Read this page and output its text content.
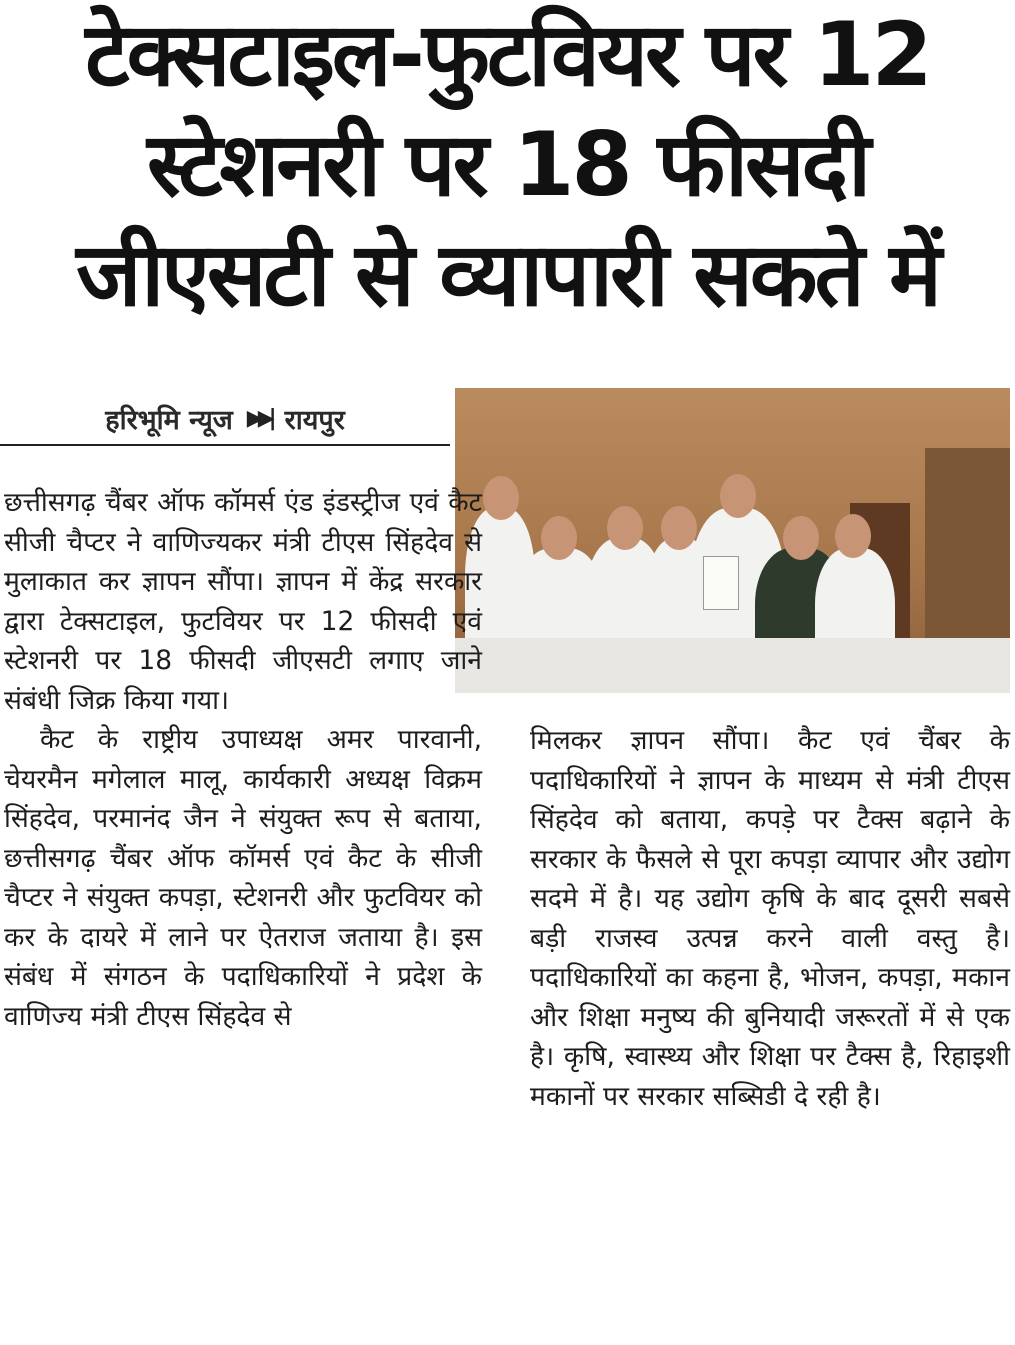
टेक्सटाइल-फुटवियर पर 12
स्टेशनरी पर 18 फीसदी
जीएसटी से व्यापारी सकते में
हरिभूमि न्यूज ▶▶| रायपुर

छत्तीसगढ़ चैंबर ऑफ कॉमर्स एंड इंडस्ट्रीज एवं कैट सीजी चैप्टर ने वाणिज्यकर मंत्री टीएस सिंहदेव से मुलाकात कर ज्ञापन सौंपा। ज्ञापन में केंद्र सरकार द्वारा टेक्सटाइल, फुटवियर पर 12 फीसदी एवं स्टेशनरी पर 18 फीसदी जीएसटी लगाए जाने संबंधी जिक्र किया गया।

कैट के राष्ट्रीय उपाध्यक्ष अमर पारवानी, चेयरमैन मगेलाल मालू, कार्यकारी अध्यक्ष विक्रम सिंहदेव, परमानंद जैन ने संयुक्त रूप से बताया, छत्तीसगढ़ चैंबर ऑफ कॉमर्स एवं कैट के सीजी चैप्टर ने संयुक्त कपड़ा, स्टेशनरी और फुटवियर को कर के दायरे में लाने पर ऐतराज जताया है। इस संबंध में संगठन के पदाधिकारियों ने प्रदेश के वाणिज्य मंत्री टीएस सिंहदेव से

मिलकर ज्ञापन सौंपा। कैट एवं चैंबर के पदाधिकारियों ने ज्ञापन के माध्यम से मंत्री टीएस सिंहदेव को बताया, कपड़े पर टैक्स बढ़ाने के सरकार के फैसले से पूरा कपड़ा व्यापार और उद्योग सदमे में है। यह उद्योग कृषि के बाद दूसरी सबसे बड़ी राजस्व उत्पन्न करने वाली वस्तु है। पदाधिकारियों का कहना है, भोजन, कपड़ा, मकान और शिक्षा मनुष्य की बुनियादी जरूरतों में से एक है। कृषि, स्वास्थ्य और शिक्षा पर टैक्स है, रिहाइशी मकानों पर सरकार सब्सिडी दे रही है।
